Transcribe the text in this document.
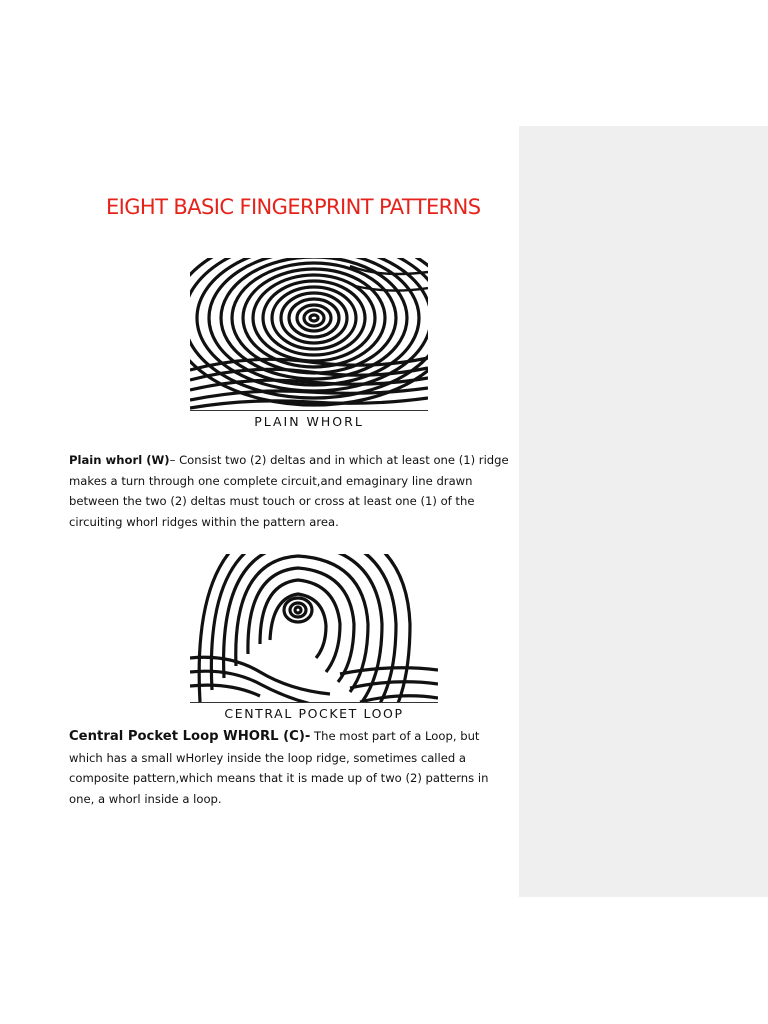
EIGHT BASIC FINGERPRINT PATTERNS
PLAIN WHORL
Plain whorl (W)– Consist two (2) deltas and in which at least one (1) ridge makes a turn through one complete circuit,and emaginary line drawn between the two (2) deltas must touch or cross at least one (1) of the circuiting whorl ridges within the pattern area.
CENTRAL POCKET LOOP
Central Pocket Loop WHORL (C)- The most part of a Loop, but which has a small wHorley inside the loop ridge, sometimes called a composite pattern,which means that it is made up of two (2) patterns in one, a whorl inside a loop.
